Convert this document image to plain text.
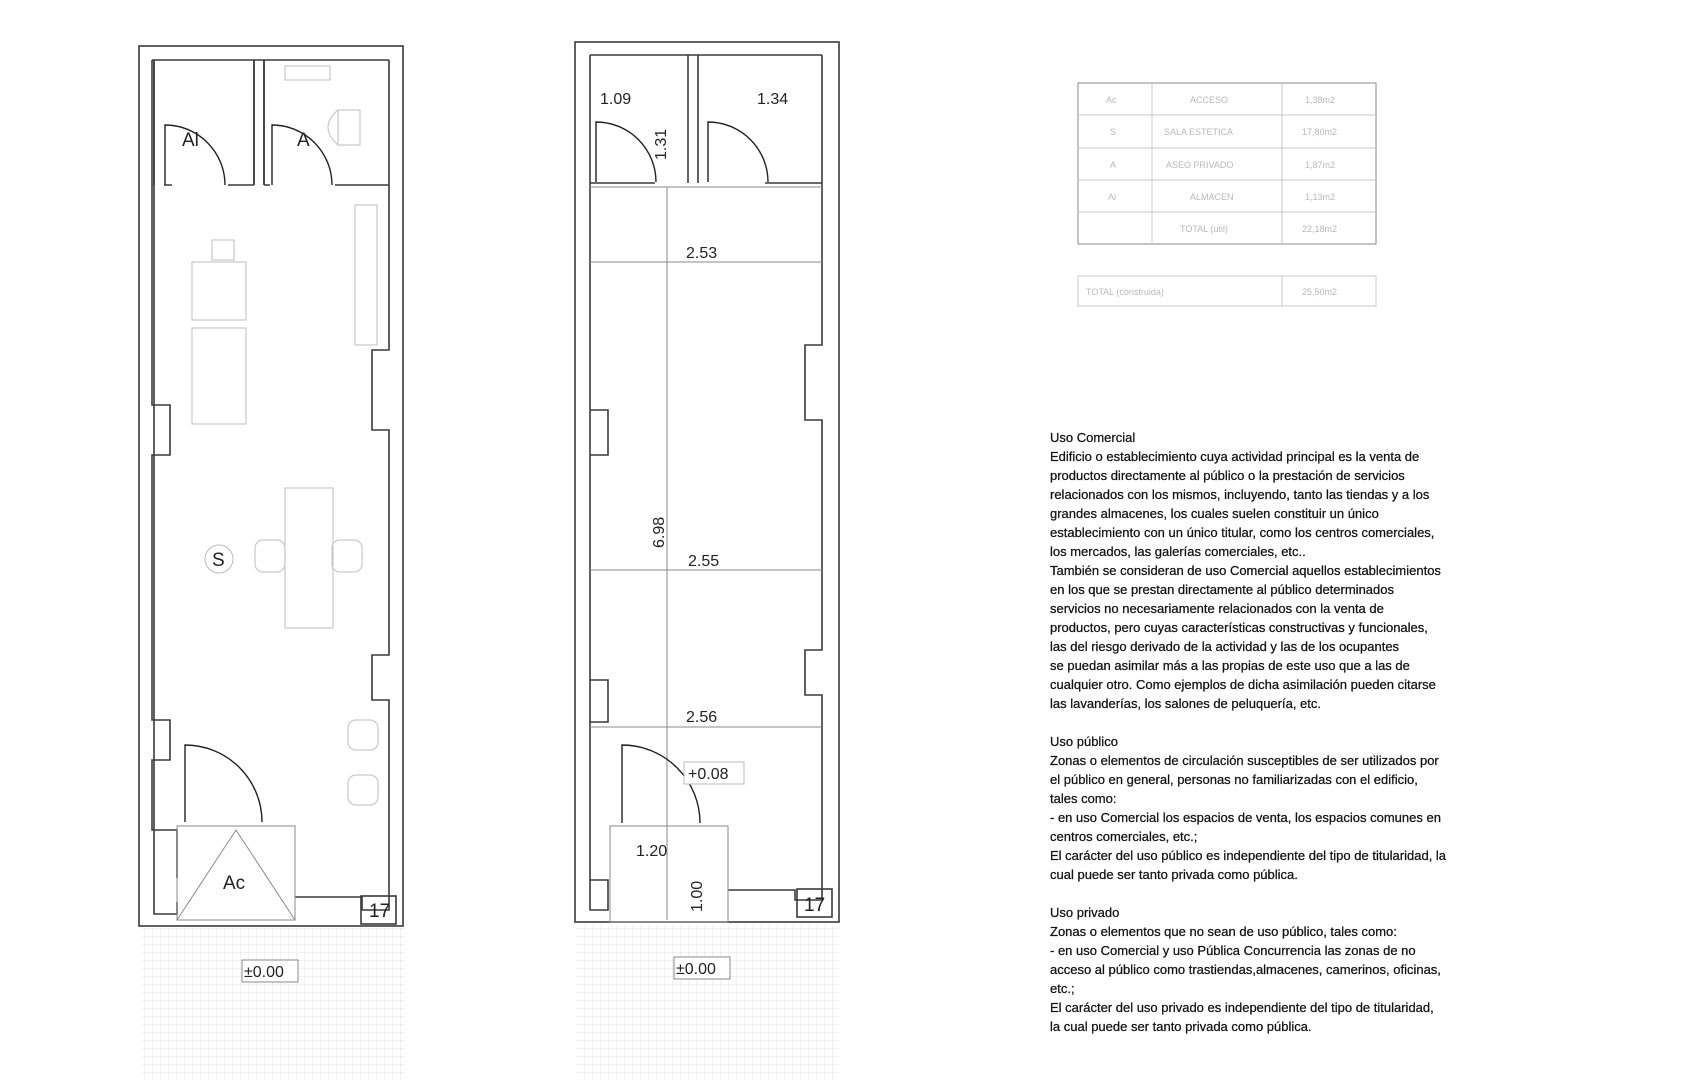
Al	A
S
Ac
17
±0.00
1.09	1.34
1.31
2.53
6.98
2.55
2.56
+0.08
1.20
1.00	17
±0.00
Ac	ACCESO	1,38m2
S	SALA ESTETICA	17,80m2
A	ASEO PRIVADO	1,87m2
Al	ALMACEN	1,13m2
TOTAL (útil)	22,18m2
TOTAL (construida)	25,50m2

Uso Comercial

Edificio o establecimiento cuya actividad principal es la venta de
productos directamente al público o la prestación de servicios
relacionados con los mismos, incluyendo, tanto las tiendas y a los
grandes almacenes, los cuales suelen constituir un único
establecimiento con un único titular, como los centros comerciales,
los mercados, las galerías comerciales, etc..
También se consideran de uso Comercial aquellos establecimientos
en los que se prestan directamente al público determinados
servicios no necesariamente relacionados con la venta de
productos, pero cuyas características constructivas y funcionales,
las del riesgo derivado de la actividad y las de los ocupantes
se puedan asimilar más a las propias de este uso que a las de
cualquier otro. Como ejemplos de dicha asimilación pueden citarse
las lavanderías, los salones de peluquería, etc.

Uso público

Zonas o elementos de circulación susceptibles de ser utilizados por
el público en general, personas no familiarizadas con el edificio,
tales como:
- en uso Comercial los espacios de venta, los espacios comunes en
centros comerciales, etc.;
El carácter del uso público es independiente del tipo de titularidad, la
cual puede ser tanto privada como pública.

Uso privado

Zonas o elementos que no sean de uso público, tales como:
- en uso Comercial y uso Pública Concurrencia las zonas de no
acceso al público como trastiendas,almacenes, camerinos, oficinas,
etc.;
El carácter del uso privado es independiente del tipo de titularidad,
la cual puede ser tanto privada como pública.
